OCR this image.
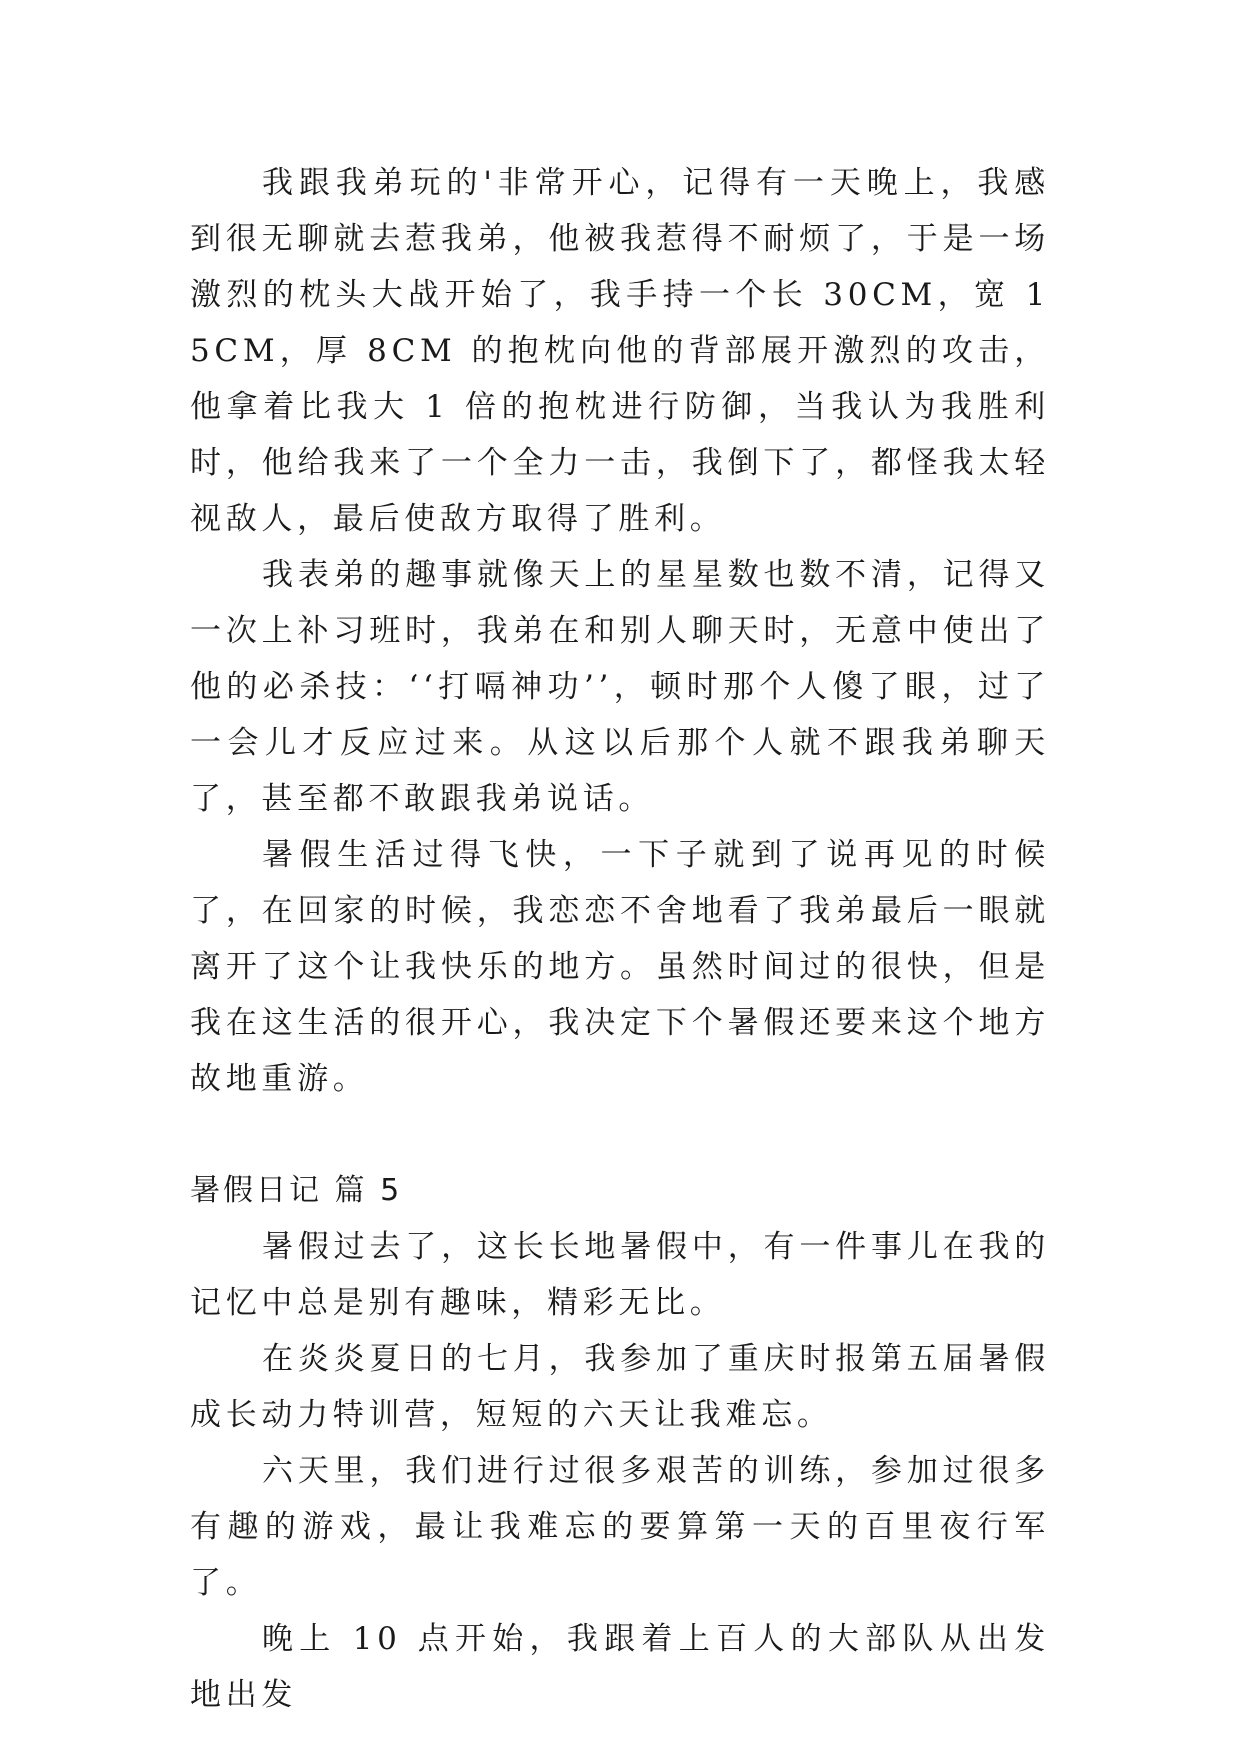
我跟我弟玩的'非常开心，记得有一天晚上，我感到很无聊就去惹我弟，他被我惹得不耐烦了，于是一场激烈的枕头大战开始了，我手持一个长 30CM，宽 15CM，厚 8CM 的抱枕向他的背部展开激烈的攻击，他拿着比我大 1 倍的抱枕进行防御，当我认为我胜利时，他给我来了一个全力一击，我倒下了，都怪我太轻视敌人，最后使敌方取得了胜利。

我表弟的趣事就像天上的星星数也数不清，记得又一次上补习班时，我弟在和别人聊天时，无意中使出了他的必杀技：‘‘打嗝神功’’，顿时那个人傻了眼，过了一会儿才反应过来。从这以后那个人就不跟我弟聊天了，甚至都不敢跟我弟说话。

暑假生活过得飞快，一下子就到了说再见的时候了，在回家的时候，我恋恋不舍地看了我弟最后一眼就离开了这个让我快乐的地方。虽然时间过的很快，但是我在这生活的很开心，我决定下个暑假还要来这个地方故地重游。

暑假日记 篇 5

暑假过去了，这长长地暑假中，有一件事儿在我的记忆中总是别有趣味，精彩无比。

在炎炎夏日的七月，我参加了重庆时报第五届暑假成长动力特训营，短短的六天让我难忘。

六天里，我们进行过很多艰苦的训练，参加过很多有趣的游戏，最让我难忘的要算第一天的百里夜行军了。

晚上 10 点开始，我跟着上百人的大部队从出发地出发
